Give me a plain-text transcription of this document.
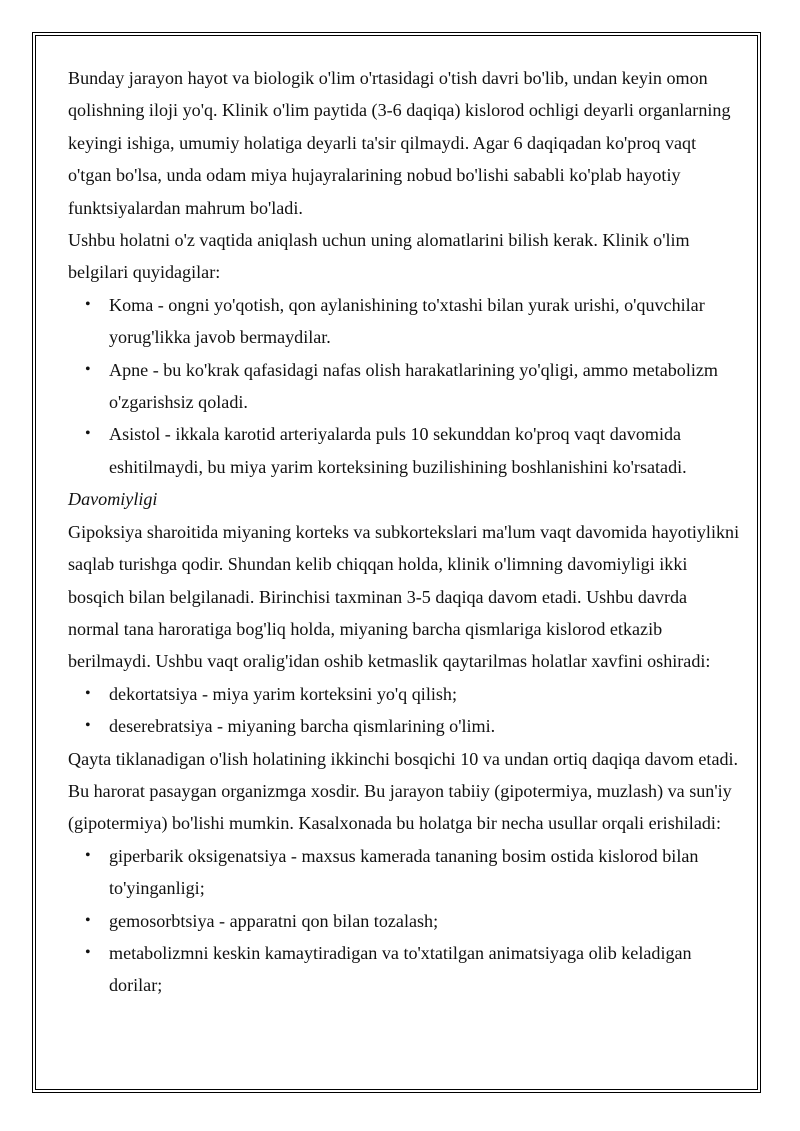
Bunday jarayon hayot va biologik o'lim o'rtasidagi o'tish davri bo'lib, undan keyin omon qolishning iloji yo'q. Klinik o'lim paytida (3-6 daqiqa) kislorod ochligi deyarli organlarning keyingi ishiga, umumiy holatiga deyarli ta'sir qilmaydi. Agar 6 daqiqadan ko'proq vaqt o'tgan bo'lsa, unda odam miya hujayralarining nobud bo'lishi sababli ko'plab hayotiy funktsiyalardan mahrum bo'ladi.

Ushbu holatni o'z vaqtida aniqlash uchun uning alomatlarini bilish kerak. Klinik o'lim belgilari quyidagilar:

• Koma - ongni yo'qotish, qon aylanishining to'xtashi bilan yurak urishi, o'quvchilar yorug'likka javob bermaydilar.
• Apne - bu ko'krak qafasidagi nafas olish harakatlarining yo'qligi, ammo metabolizm o'zgarishsiz qoladi.
• Asistol - ikkala karotid arteriyalarda puls 10 sekunddan ko'proq vaqt davomida eshitilmaydi, bu miya yarim korteksining buzilishining boshlanishini ko'rsatadi.

Davomiyligi

Gipoksiya sharoitida miyaning korteks va subkortekslari ma'lum vaqt davomida hayotiylikni saqlab turishga qodir. Shundan kelib chiqqan holda, klinik o'limning davomiyligi ikki bosqich bilan belgilanadi. Birinchisi taxminan 3-5 daqiqa davom etadi. Ushbu davrda normal tana haroratiga bog'liq holda, miyaning barcha qismlariga kislorod etkazib berilmaydi. Ushbu vaqt oralig'idan oshib ketmaslik qaytarilmas holatlar xavfini oshiradi:

• dekortatsiya - miya yarim korteksini yo'q qilish;
• deserebratsiya - miyaning barcha qismlarining o'limi.

Qayta tiklanadigan o'lish holatining ikkinchi bosqichi 10 va undan ortiq daqiqa davom etadi. Bu harorat pasaygan organizmga xosdir. Bu jarayon tabiiy (gipotermiya, muzlash) va sun'iy (gipotermiya) bo'lishi mumkin. Kasalxonada bu holatga bir necha usullar orqali erishiladi:

• giperbarik oksigenatsiya - maxsus kamerada tananing bosim ostida kislorod bilan to'yinganligi;
• gemosorbtsiya - apparatni qon bilan tozalash;
• metabolizmni keskin kamaytiradigan va to'xtatilgan animatsiyaga olib keladigan dorilar;
